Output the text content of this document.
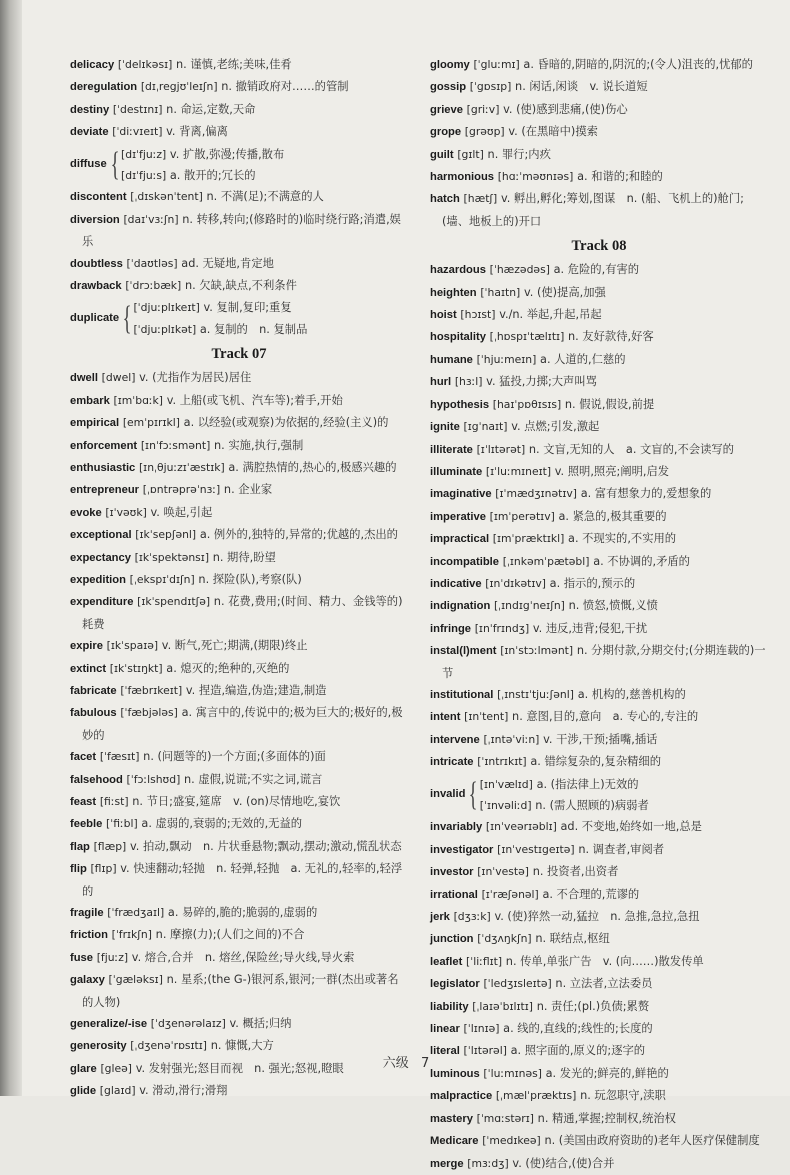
delicacy [ˈdelɪkəsɪ] n. 谨慎,老练;美味,佳肴

deregulation [dɪˌregjʊˈleɪʃn] n. 撤销政府对……的管制

destiny [ˈdestɪnɪ] n. 命运,定数,天命

deviate [ˈdiːvɪeɪt] v. 背离,偏离

diffuse { [dɪˈfjuːz] v. 扩散,弥漫;传播,散布
[dɪˈfjuːs] a. 散开的;冗长的

discontent [ˌdɪskənˈtent] n. 不满(足);不满意的人

diversion [daɪˈvɜːʃn] n. 转移,转向;(修路时的)临时绕行路;消遣,娱乐

doubtless [ˈdaʊtləs] ad. 无疑地,肯定地

drawback [ˈdrɔːbæk] n. 欠缺,缺点,不利条件

duplicate { [ˈdjuːplɪkeɪt] v. 复制,复印;重复
[ˈdjuːplɪkət] a. 复制的　n. 复制品
Track 07

dwell [dwel] v. (尤指作为居民)居住

embark [ɪmˈbɑːk] v. 上船(或飞机、汽车等);着手,开始

empirical [emˈpɪrɪkl] a. 以经验(或观察)为依据的,经验(主义)的

enforcement [ɪnˈfɔːsmənt] n. 实施,执行,强制

enthusiastic [ɪnˌθjuːzɪˈæstɪk] a. 满腔热情的,热心的,极感兴趣的

entrepreneur [ˌɒntrəprəˈnɜː] n. 企业家

evoke [ɪˈvəʊk] v. 唤起,引起

exceptional [ɪkˈsepʃənl] a. 例外的,独特的,异常的;优越的,杰出的

expectancy [ɪkˈspektənsɪ] n. 期待,盼望

expedition [ˌekspɪˈdɪʃn] n. 探险(队),考察(队)

expenditure [ɪkˈspendɪtʃə] n. 花费,费用;(时间、精力、金钱等的)耗费

expire [ɪkˈspaɪə] v. 断气,死亡;期满,(期限)终止

extinct [ɪkˈstɪŋkt] a. 熄灭的;绝种的,灭绝的

fabricate [ˈfæbrɪkeɪt] v. 捏造,编造,伪造;建造,制造

fabulous [ˈfæbjələs] a. 寓言中的,传说中的;极为巨大的;极好的,极妙的

facet [ˈfæsɪt] n. (问题等的)一个方面;(多面体的)面

falsehood [ˈfɔːlshʊd] n. 虚假,说谎;不实之词,谎言

feast [fiːst] n. 节日;盛宴,筵席　v. (on)尽情地吃,宴饮

feeble [ˈfiːbl] a. 虚弱的,衰弱的;无效的,无益的

flap [flæp] v. 拍动,飘动　n. 片状垂悬物;飘动,摆动;激动,慌乱状态

flip [flɪp] v. 快速翻动;轻抛　n. 轻弹,轻抛　a. 无礼的,轻率的,轻浮的

fragile [ˈfrædʒaɪl] a. 易碎的,脆的;脆弱的,虚弱的

friction [ˈfrɪkʃn] n. 摩擦(力);(人们之间的)不合

fuse [fjuːz] v. 熔合,合并　n. 熔丝,保险丝;导火线,导火索

galaxy [ˈgæləksɪ] n. 星系;(the G-)银河系,银河;一群(杰出或著名的人物)

generalize/-ise [ˈdʒenərəlaɪz] v. 概括;归纳

generosity [ˌdʒenəˈrɒsɪtɪ] n. 慷慨,大方

glare [gleə] v. 发射强光;怒目而视　n. 强光;怒视,瞪眼

glide [glaɪd] v. 滑动,滑行;滑翔

gloomy [ˈgluːmɪ] a. 昏暗的,阴暗的,阴沉的;(令人)沮丧的,忧郁的

gossip [ˈgɒsɪp] n. 闲话,闲谈　v. 说长道短

grieve [griːv] v. (使)感到悲痛,(使)伤心

grope [grəʊp] v. (在黑暗中)摸索

guilt [gɪlt] n. 罪行;内疚

harmonious [hɑːˈməʊnɪəs] a. 和谐的;和睦的

hatch [hætʃ] v. 孵出,孵化;筹划,图谋　n. (船、飞机上的)舱门;(墙、地板上的)开口

Track 08

hazardous [ˈhæzədəs] a. 危险的,有害的

heighten [ˈhaɪtn] v. (使)提高,加强

hoist [hɔɪst] v./n. 举起,升起,吊起

hospitality [ˌhɒspɪˈtælɪtɪ] n. 友好款待,好客

humane [ˈhjuːmeɪn] a. 人道的,仁慈的

hurl [hɜːl] v. 猛投,力掷;大声叫骂

hypothesis [haɪˈpɒθɪsɪs] n. 假说,假设,前提

ignite [ɪgˈnaɪt] v. 点燃;引发,激起

illiterate [ɪˈlɪtərət] n. 文盲,无知的人　a. 文盲的,不会读写的

illuminate [ɪˈluːmɪneɪt] v. 照明,照亮;阐明,启发

imaginative [ɪˈmædʒɪnətɪv] a. 富有想象力的,爱想象的

imperative [ɪmˈperətɪv] a. 紧急的,极其重要的

impractical [ɪmˈpræktɪkl] a. 不现实的,不实用的

incompatible [ˌɪnkəmˈpætəbl] a. 不协调的,矛盾的

indicative [ɪnˈdɪkətɪv] a. 指示的,预示的

indignation [ˌɪndɪgˈneɪʃn] n. 愤怒,愤慨,义愤

infringe [ɪnˈfrɪndʒ] v. 违反,违背;侵犯,干扰

instal(l)ment [ɪnˈstɔːlmənt] n. 分期付款,分期交付;(分期连载的)一节

institutional [ˌɪnstɪˈtjuːʃənl] a. 机构的,慈善机构的

intent [ɪnˈtent] n. 意图,目的,意向　a. 专心的,专注的

intervene [ˌɪntəˈviːn] v. 干涉,干预;插嘴,插话

intricate [ˈɪntrɪkɪt] a. 错综复杂的,复杂精细的

invalid { [ɪnˈvælɪd] a. (指法律上)无效的
[ˈɪnvəliːd] n. (需人照顾的)病弱者

invariably [ɪnˈveərɪəblɪ] ad. 不变地,始终如一地,总是

investigator [ɪnˈvestɪgeɪtə] n. 调查者,审阅者

investor [ɪnˈvestə] n. 投资者,出资者

irrational [ɪˈræʃənəl] a. 不合理的,荒谬的

jerk [dʒɜːk] v. (使)猝然一动,猛拉　n. 急推,急拉,急扭

junction [ˈdʒʌŋkʃn] n. 联结点,枢纽

leaflet [ˈliːflɪt] n. 传单,单张广告　v. (向……)散发传单

legislator [ˈledʒɪsleɪtə] n. 立法者,立法委员

liability [ˌlaɪəˈbɪlɪtɪ] n. 责任;(pl.)负债;累赘

linear [ˈlɪnɪə] a. 线的,直线的;线性的;长度的

literal [ˈlɪtərəl] a. 照字面的,原义的;逐字的

luminous [ˈluːmɪnəs] a. 发光的;鲜亮的,鲜艳的

malpractice [ˌmælˈpræktɪs] n. 玩忽职守,渎职

mastery [ˈmɑːstərɪ] n. 精通,掌握;控制权,统治权

Medicare [ˈmedɪkeə] n. (美国由政府资助的)老年人医疗保健制度

merge [mɜːdʒ] v. (使)结合,(使)合并

六级 7
